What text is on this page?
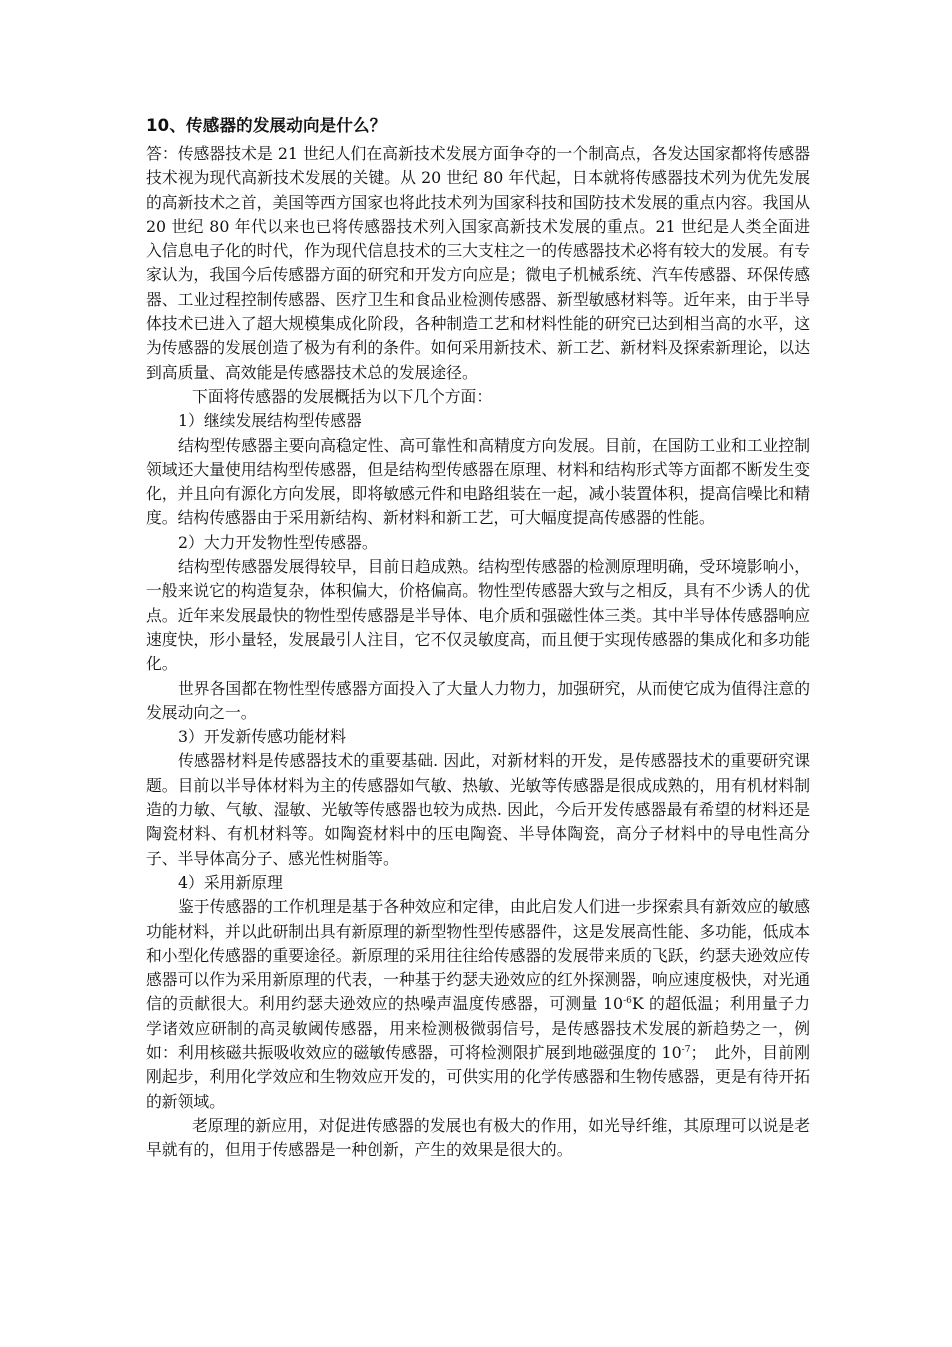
10、传感器的发展动向是什么？

答：传感器技术是 21 世纪人们在高新技术发展方面争夺的一个制高点，各发达国家都将传感器技术视为现代高新技术发展的关键。从 20 世纪 80 年代起，日本就将传感器技术列为优先发展的高新技术之首，美国等西方国家也将此技术列为国家科技和国防技术发展的重点内容。我国从 20 世纪 80 年代以来也已将传感器技术列入国家高新技术发展的重点。21 世纪是人类全面进入信息电子化的时代，作为现代信息技术的三大支柱之一的传感器技术必将有较大的发展。有专家认为，我国今后传感器方面的研究和开发方向应是；微电子机械系统、汽车传感器、环保传感器、工业过程控制传感器、医疗卫生和食品业检测传感器、新型敏感材料等。近年来，由于半导体技术已进入了超大规模集成化阶段，各种制造工艺和材料性能的研究已达到相当高的水平，这为传感器的发展创造了极为有利的条件。如何采用新技术、新工艺、新材料及探索新理论，以达到高质量、高效能是传感器技术总的发展途径。

下面将传感器的发展概括为以下几个方面：

1）继续发展结构型传感器

结构型传感器主要向高稳定性、高可靠性和高精度方向发展。目前，在国防工业和工业控制领域还大量使用结构型传感器，但是结构型传感器在原理、材料和结构形式等方面都不断发生变化，并且向有源化方向发展，即将敏感元件和电路组装在一起，减小装置体积，提高信噪比和精度。结构传感器由于采用新结构、新材料和新工艺，可大幅度提高传感器的性能。

2）大力开发物性型传感器。

结构型传感器发展得较早，目前日趋成熟。结构型传感器的检测原理明确，受环境影响小，一般来说它的构造复杂，体积偏大，价格偏高。物性型传感器大致与之相反，具有不少诱人的优点。近年来发展最快的物性型传感器是半导体、电介质和强磁性体三类。其中半导体传感器响应速度快，形小量轻，发展最引人注目，它不仅灵敏度高，而且便于实现传感器的集成化和多功能化。

世界各国都在物性型传感器方面投入了大量人力物力，加强研究，从而使它成为值得注意的发展动向之一。

3）开发新传感功能材料

传感器材料是传感器技术的重要基础. 因此，对新材料的开发，是传感器技术的重要研究课题。目前以半导体材料为主的传感器如气敏、热敏、光敏等传感器是很成成熟的，用有机材料制造的力敏、气敏、湿敏、光敏等传感器也较为成热. 因此，今后开发传感器最有希望的材料还是陶瓷材料、有机材料等。如陶瓷材料中的压电陶瓷、半导体陶瓷，高分子材料中的导电性高分子、半导体高分子、感光性树脂等。

4）采用新原理

鉴于传感器的工作机理是基于各种效应和定律，由此启发人们进一步探索具有新效应的敏感功能材料，并以此研制出具有新原理的新型物性型传感器件，这是发展高性能、多功能，低成本和小型化传感器的重要途径。新原理的采用往往给传感器的发展带来质的飞跃，约瑟夫逊效应传感器可以作为采用新原理的代表，一种基于约瑟夫逊效应的红外探测器，响应速度极快，对光通信的贡献很大。利用约瑟夫逊效应的热噪声温度传感器，可测量 $10^{-6}K$ 的超低温；利用量子力学诸效应研制的高灵敏阈传感器，用来检测极微弱信号，是传感器技术发展的新趋势之一，例如：利用核磁共振吸收效应的磁敏传感器，可将检测限扩展到地磁强度的 $10^{-7}$；　此外，目前刚刚起步，利用化学效应和生物效应开发的，可供实用的化学传感器和生物传感器，更是有待开拓的新领域。

老原理的新应用，对促进传感器的发展也有极大的作用，如光导纤维，其原理可以说是老早就有的，但用于传感器是一种创新，产生的效果是很大的。
